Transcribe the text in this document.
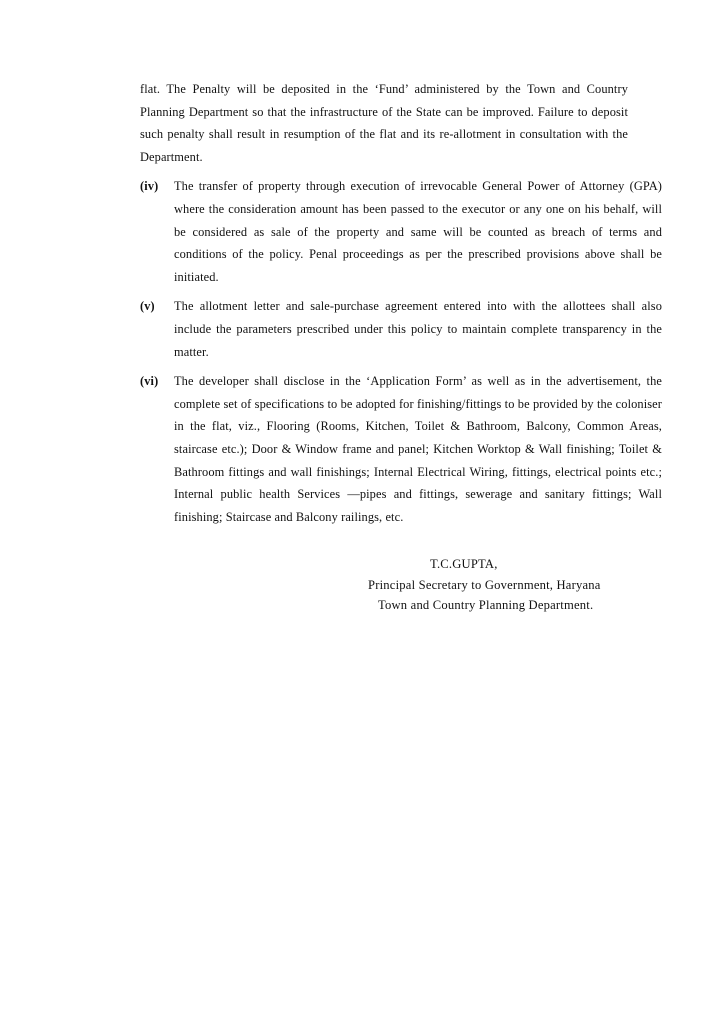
flat. The Penalty will be deposited in the ‘Fund’ administered by the Town and Country Planning Department so that the infrastructure of the State can be improved. Failure to deposit such penalty shall result in resumption of the flat and its re-allotment in consultation with the Department.

(iv)	The transfer of property through execution of irrevocable General Power of Attorney (GPA) where the consideration amount has been passed to the executor or any one on his behalf, will be considered as sale of the property and same will be counted as breach of terms and conditions of the policy. Penal proceedings as per the prescribed provisions above shall be initiated.
(v)	The allotment letter and sale-purchase agreement entered into with the allottees shall also include the parameters prescribed under this policy to maintain complete transparency in the matter.
(vi)	The developer shall disclose in the ‘Application Form’ as well as in the advertisement, the complete set of specifications to be adopted for finishing/fittings to be provided by the coloniser in the flat, viz., Flooring (Rooms, Kitchen, Toilet & Bathroom, Balcony, Common Areas, staircase etc.); Door & Window frame and panel; Kitchen Worktop & Wall finishing; Toilet & Bathroom fittings and wall finishings; Internal Electrical Wiring, fittings, electrical points etc.; Internal public health Services —pipes and fittings, sewerage and sanitary fittings; Wall finishing; Staircase and Balcony railings, etc.
T.C.GUPTA,
Principal Secretary to Government, Haryana
Town and Country Planning Department.
